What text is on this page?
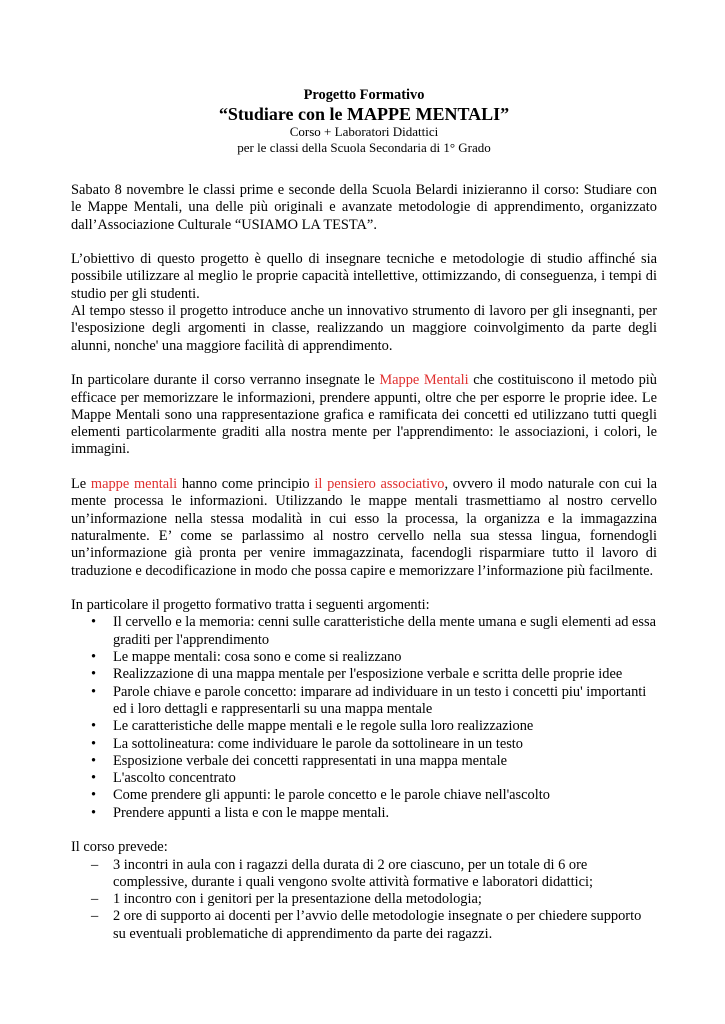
Progetto Formativo
“Studiare con le MAPPE MENTALI”
Corso + Laboratori Didattici
per le classi della Scuola Secondaria di 1° Grado

Sabato 8 novembre le classi prime e seconde della Scuola Belardi inizieranno il corso: Studiare con le Mappe Mentali, una delle più originali e avanzate metodologie di apprendimento, organizzato dall’Associazione Culturale “USIAMO LA TESTA”.

L’obiettivo di questo progetto è quello di insegnare tecniche e metodologie di studio affinché sia possibile utilizzare al meglio le proprie capacità intellettive, ottimizzando, di conseguenza, i tempi di studio per gli studenti.

Al tempo stesso il progetto introduce anche un innovativo strumento di lavoro per gli insegnanti, per l'esposizione degli argomenti in classe, realizzando un maggiore coinvolgimento da parte degli alunni, nonche' una maggiore facilità di apprendimento.

In particolare durante il corso verranno insegnate le Mappe Mentali che costituiscono il metodo più efficace per memorizzare le informazioni, prendere appunti, oltre che per esporre le proprie idee. Le Mappe Mentali sono una rappresentazione grafica e ramificata dei concetti ed utilizzano tutti quegli elementi particolarmente graditi alla nostra mente per l'apprendimento: le associazioni, i colori, le immagini.

Le mappe mentali hanno come principio il pensiero associativo, ovvero il modo naturale con cui la mente processa le informazioni. Utilizzando le mappe mentali trasmettiamo al nostro cervello un’informazione nella stessa modalità in cui esso la processa, la organizza e la immagazzina naturalmente. E’ come se parlassimo al nostro cervello nella sua stessa lingua, fornendogli un’informazione già pronta per venire immagazzinata, facendogli risparmiare tutto il lavoro di traduzione e decodificazione in modo che possa capire e memorizzare l’informazione più facilmente.

In particolare il progetto formativo tratta i seguenti argomenti:

• Il cervello e la memoria: cenni sulle caratteristiche della mente umana e sugli elementi ad essa graditi per l'apprendimento
• Le mappe mentali: cosa sono e come si realizzano
• Realizzazione di una mappa mentale per l'esposizione verbale e scritta delle proprie idee
• Parole chiave e parole concetto: imparare ad individuare in un testo i concetti piu' importanti ed i loro dettagli e rappresentarli su una mappa mentale
• Le caratteristiche delle mappe mentali e le regole sulla loro realizzazione
• La sottolineatura: come individuare le parole da sottolineare in un testo
• Esposizione verbale dei concetti rappresentati in una mappa mentale
• L'ascolto concentrato
• Come prendere gli appunti: le parole concetto e le parole chiave nell'ascolto
• Prendere appunti a lista e con le mappe mentali.

Il corso prevede:

– 3 incontri in aula con i ragazzi della durata di 2 ore ciascuno, per un totale di 6 ore complessive, durante i quali vengono svolte attività formative e laboratori didattici;
– 1 incontro con i genitori per la presentazione della metodologia;
– 2 ore di supporto ai docenti per l’avvio delle metodologie insegnate o per chiedere supporto su eventuali problematiche di apprendimento da parte dei ragazzi.
